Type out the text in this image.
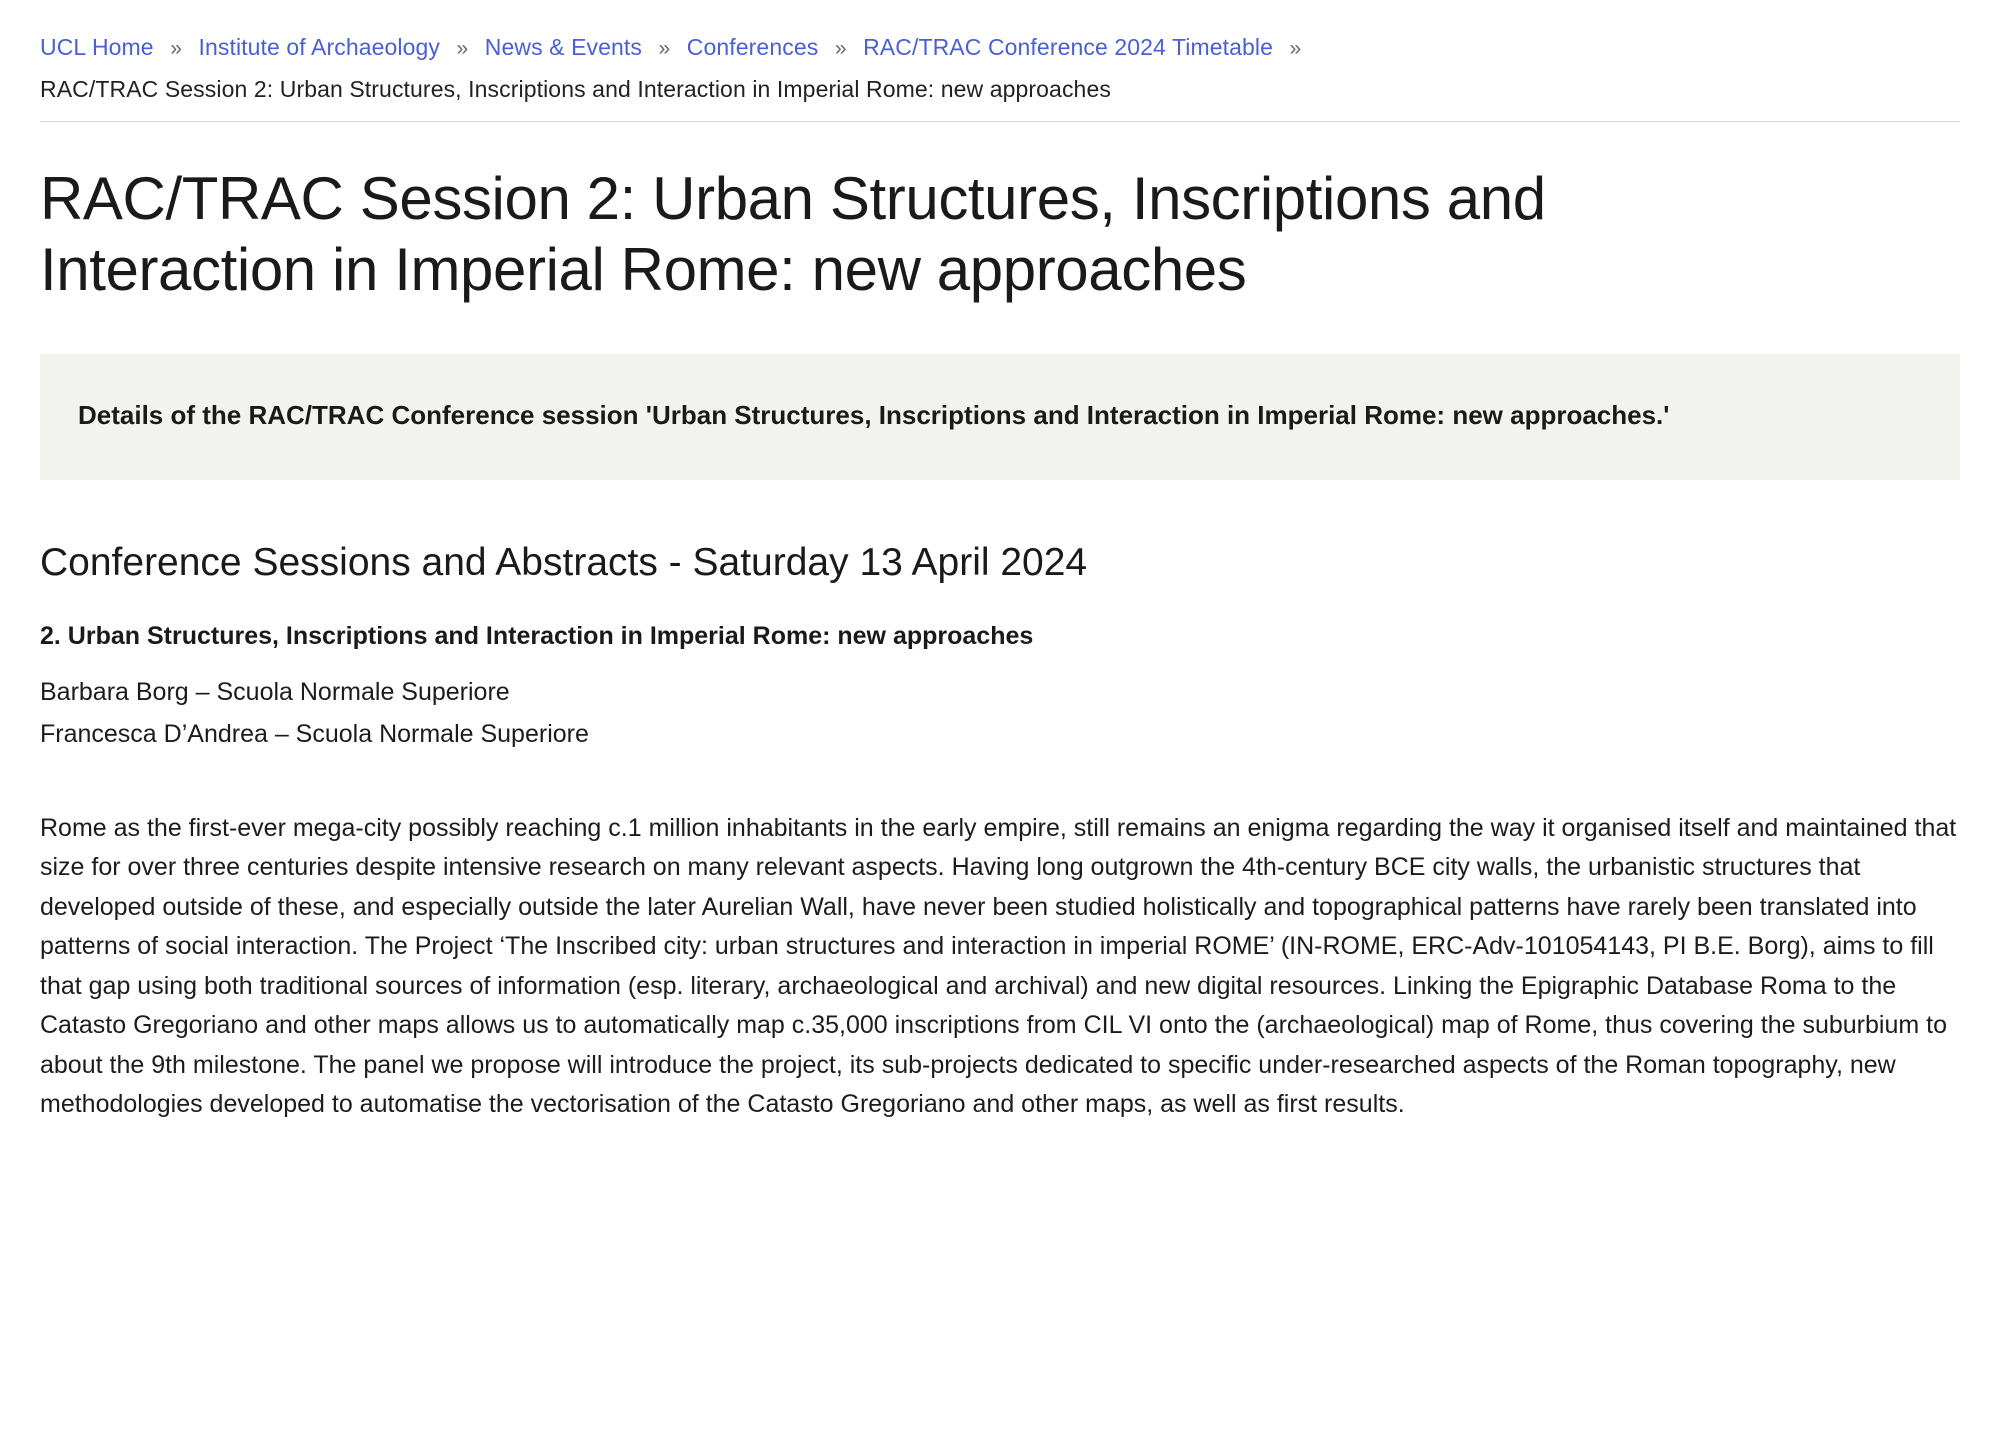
UCL Home » Institute of Archaeology » News & Events » Conferences » RAC/TRAC Conference 2024 Timetable »
RAC/TRAC Session 2: Urban Structures, Inscriptions and Interaction in Imperial Rome: new approaches
RAC/TRAC Session 2: Urban Structures, Inscriptions and Interaction in Imperial Rome: new approaches

Details of the RAC/TRAC Conference session 'Urban Structures, Inscriptions and Interaction in Imperial Rome: new approaches.'

Conference Sessions and Abstracts - Saturday 13 April 2024
2. Urban Structures, Inscriptions and Interaction in Imperial Rome: new approaches

Barbara Borg – Scuola Normale Superiore

Francesca D’Andrea – Scuola Normale Superiore

Rome as the first-ever mega-city possibly reaching c.1 million inhabitants in the early empire, still remains an enigma regarding the way it organised itself and maintained that size for over three centuries despite intensive research on many relevant aspects. Having long outgrown the 4th-century BCE city walls, the urbanistic structures that developed outside of these, and especially outside the later Aurelian Wall, have never been studied holistically and topographical patterns have rarely been translated into patterns of social interaction. The Project ‘The Inscribed city: urban structures and interaction in imperial ROME’ (IN-ROME, ERC-Adv-101054143, PI B.E. Borg), aims to fill that gap using both traditional sources of information (esp. literary, archaeological and archival) and new digital resources. Linking the Epigraphic Database Roma to the Catasto Gregoriano and other maps allows us to automatically map c.35,000 inscriptions from CIL VI onto the (archaeological) map of Rome, thus covering the suburbium to about the 9th milestone. The panel we propose will introduce the project, its sub-projects dedicated to specific under-researched aspects of the Roman topography, new methodologies developed to automatise the vectorisation of the Catasto Gregoriano and other maps, as well as first results.
